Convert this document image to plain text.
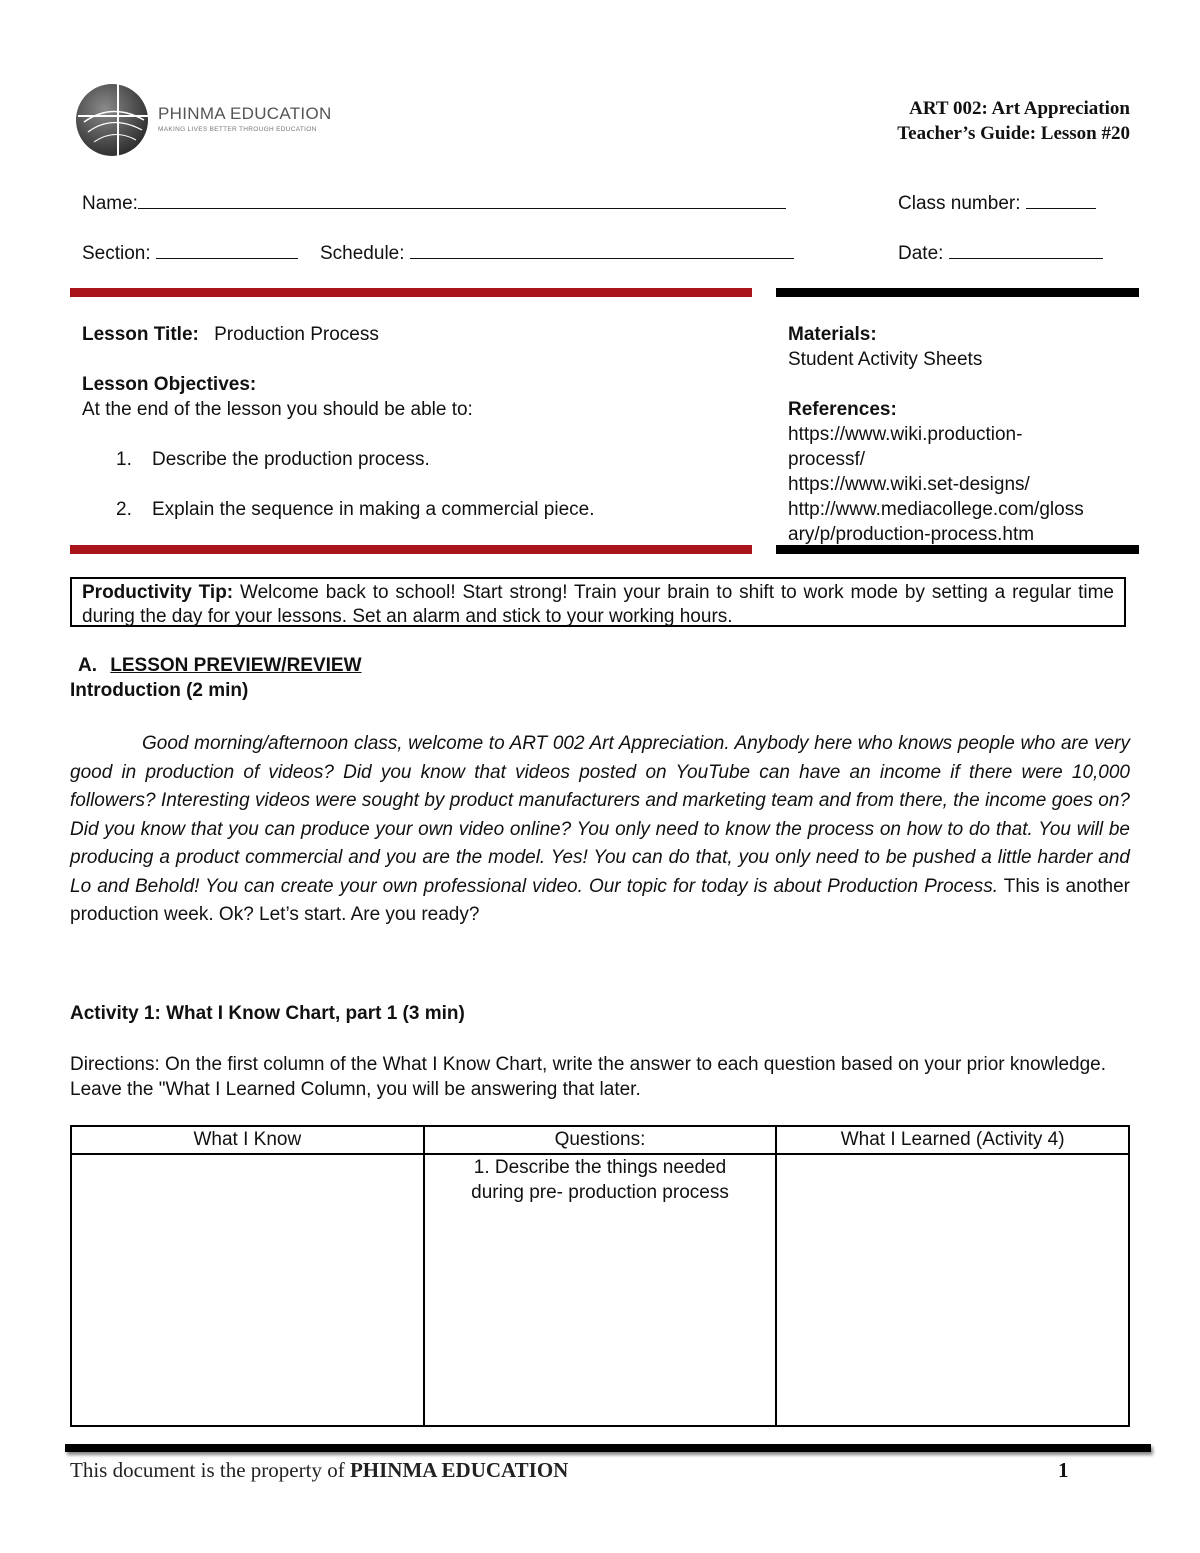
PHINMA EDUCATION
MAKING LIVES BETTER THROUGH EDUCATION
ART 002: Art Appreciation
Teacher’s Guide: Lesson #20
Name:	Class number:
Section:	Schedule:	Date:
Lesson Title: Production Process
Lesson Objectives:
At the end of the lesson you should be able to:
1. Describe the production process.
2. Explain the sequence in making a commercial piece.
Materials:
Student Activity Sheets
References:
https://www.wiki.production-
processf/
https://www.wiki.set-designs/
http://www.mediacollege.com/gloss
ary/p/production-process.htm
Productivity Tip: Welcome back to school! Start strong! Train your brain to shift to work mode by setting a regular time during the day for your lessons. Set an alarm and stick to your working hours.
A. LESSON PREVIEW/REVIEW
Introduction (2 min)
Good morning/afternoon class, welcome to ART 002 Art Appreciation. Anybody here who knows people who are very good in production of videos? Did you know that videos posted on YouTube can have an income if there were 10,000 followers? Interesting videos were sought by product manufacturers and marketing team and from there, the income goes on? Did you know that you can produce your own video online? You only need to know the process on how to do that. You will be producing a product commercial and you are the model. Yes! You can do that, you only need to be pushed a little harder and Lo and Behold! You can create your own professional video. Our topic for today is about Production Process. This is another production week. Ok? Let’s start. Are you ready?
Activity 1: What I Know Chart, part 1 (3 min)
Directions: On the first column of the What I Know Chart, write the answer to each question based on your prior knowledge. Leave the "What I Learned Column, you will be answering that later.
What I Know	Questions:	What I Learned (Activity 4)
	1. Describe the things needed during pre- production process	
This document is the property of PHINMA EDUCATION	1
